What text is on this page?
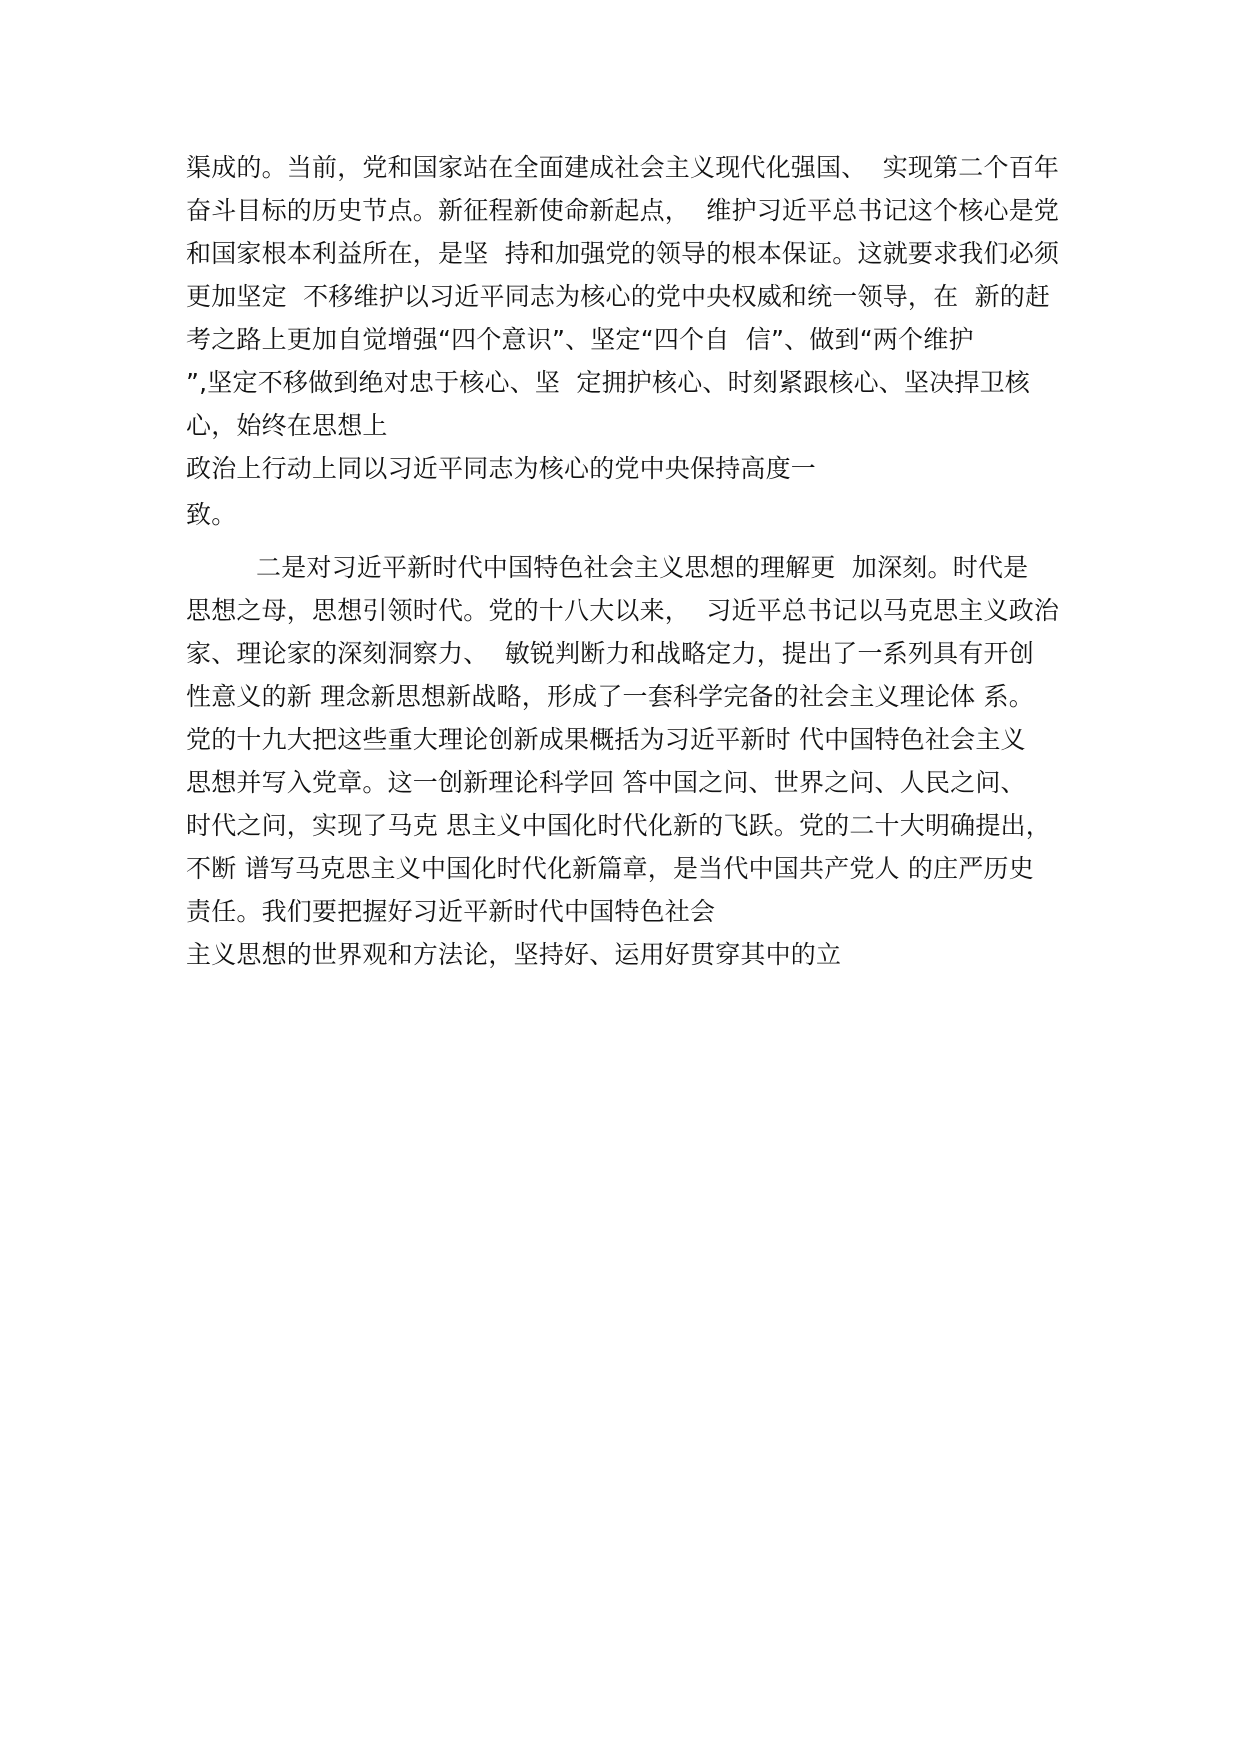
渠成的。当前，党和国家站在全面建成社会主义现代化强国、  实现第二个百年
奋斗目标的历史节点。新征程新使命新起点，  维护习近平总书记这个核心是党
和国家根本利益所在，是坚  持和加强党的领导的根本保证。这就要求我们必须
更加坚定  不移维护以习近平同志为核心的党中央权威和统一领导，在  新的赶
考之路上更加自觉增强“四个意识”、坚定“四个自  信”、做到“两个维护
”,坚定不移做到绝对忠于核心、坚  定拥护核心、时刻紧跟核心、坚决捍卫核
心，始终在思想上
政治上行动上同以习近平同志为核心的党中央保持高度一
致。
二是对习近平新时代中国特色社会主义思想的理解更  加深刻。时代是
思想之母，思想引领时代。党的十八大以来，  习近平总书记以马克思主义政治
家、理论家的深刻洞察力、  敏锐判断力和战略定力，提出了一系列具有开创
性意义的新 理念新思想新战略，形成了一套科学完备的社会主义理论体 系。
党的十九大把这些重大理论创新成果概括为习近平新时 代中国特色社会主义
思想并写入党章。这一创新理论科学回 答中国之问、世界之问、人民之问、
时代之问，实现了马克 思主义中国化时代化新的飞跃。党的二十大明确提出，
不断 谱写马克思主义中国化时代化新篇章，是当代中国共产党人 的庄严历史
责任。我们要把握好习近平新时代中国特色社会
主义思想的世界观和方法论，坚持好、运用好贯穿其中的立
